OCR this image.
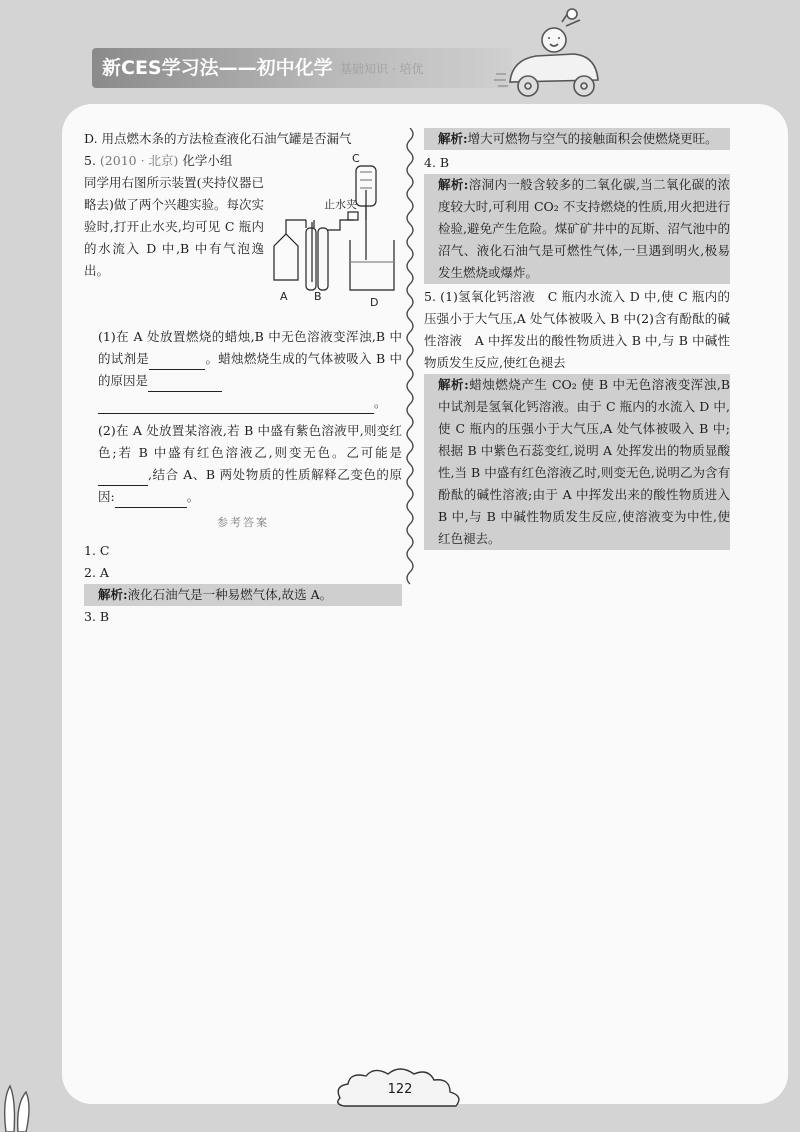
新CES学习法——初中化学 基础知识 · 培优
D. 用点燃木条的方法检查液化石油气罐是否漏气
5. (2010 · 北京) 化学小组
同学用右图所示装置(夹持仪器已略去)做了两个兴趣实验。每次实验时,打开止水夹,均可见 C 瓶内的水流入 D 中,B 中有气泡逸出。
C
止水夹
A B	D
(1)在 A 处放置燃烧的蜡烛,B 中无色溶液变浑浊,B 中的试剂是	。蜡烛燃烧生成的气体被吸入 B 中的原因是
。
(2)在 A 处放置某溶液,若 B 中盛有紫色溶液甲,则变红色;若 B 中盛有红色溶液乙,则变无色。乙可能是,结合 A、B 两处物质的性质解释乙变色的原因:	。
参考答案
1. C
2. A
解析:液化石油气是一种易燃气体,故选 A。
3. B
解析:增大可燃物与空气的接触面积会使燃烧更旺。
4. B
解析:溶洞内一般含较多的二氧化碳,当二氧化碳的浓度较大时,可利用 CO₂ 不支持燃烧的性质,用火把进行检验,避免产生危险。煤矿矿井中的瓦斯、沼气池中的沼气、液化石油气是可燃性气体,一旦遇到明火,极易发生燃烧或爆炸。
5. (1)氢氧化钙溶液　C 瓶内水流入 D 中,使 C 瓶内的压强小于大气压,A 处气体被吸入 B 中(2)含有酚酞的碱性溶液　A 中挥发出的酸性物质进入 B 中,与 B 中碱性物质发生反应,使红色褪去
解析:蜡烛燃烧产生 CO₂ 使 B 中无色溶液变浑浊,B 中试剂是氢氧化钙溶液。由于 C 瓶内的水流入 D 中,使 C 瓶内的压强小于大气压,A 处气体被吸入 B 中;根据 B 中紫色石蕊变红,说明 A 处挥发出的物质显酸性,当 B 中盛有红色溶液乙时,则变无色,说明乙为含有酚酞的碱性溶液;由于 A 中挥发出来的酸性物质进入 B 中,与 B 中碱性物质发生反应,使溶液变为中性,使红色褪去。
122
